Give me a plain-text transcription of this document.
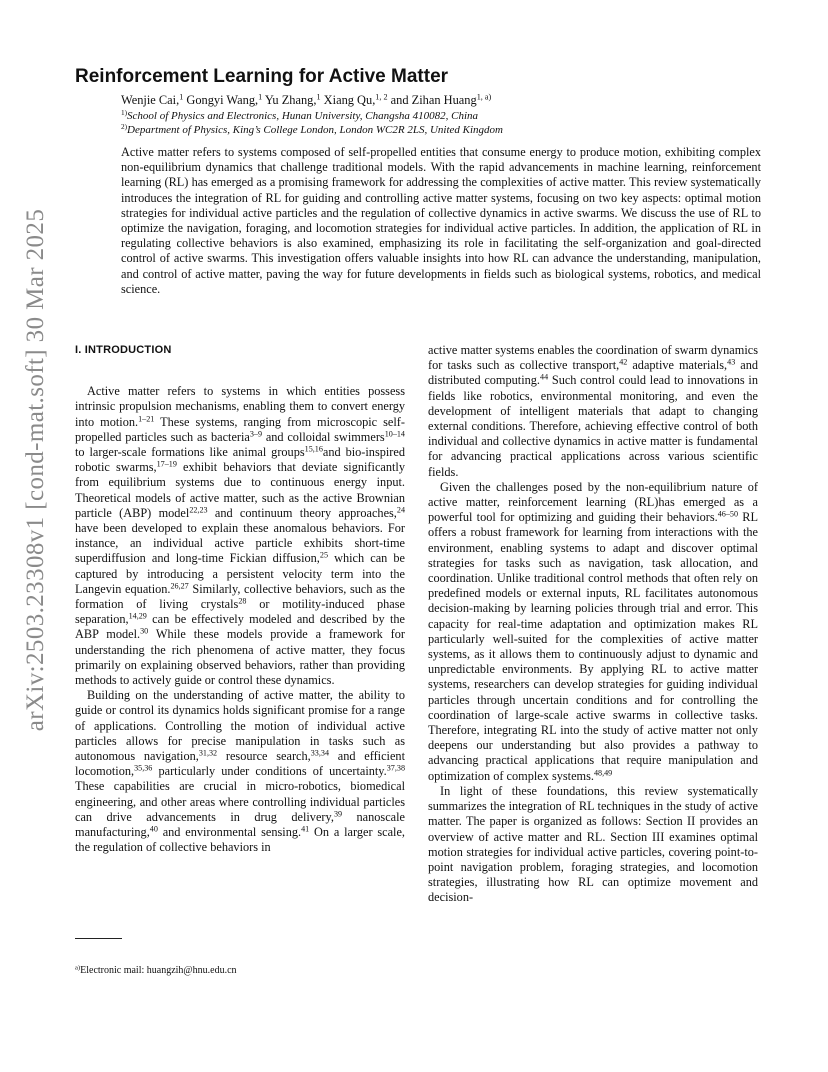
arXiv:2503.23308v1 [cond-mat.soft] 30 Mar 2025
Reinforcement Learning for Active Matter
Wenjie Cai,$^1$ Gongyi Wang,$^1$ Yu Zhang,$^1$ Xiang Qu,$^{1, 2}$ and Zihan Huang$^{1, a)}$
$^{1)}$School of Physics and Electronics, Hunan University, Changsha 410082, China
$^{2)}$Department of Physics, King’s College London, London WC2R 2LS, United Kingdom
Active matter refers to systems composed of self-propelled entities that consume energy to produce motion, exhibiting complex non-equilibrium dynamics that challenge traditional models. With the rapid advancements in machine learning, reinforcement learning (RL) has emerged as a promising framework for addressing the complexities of active matter. This review systematically introduces the integration of RL for guiding and controlling active matter systems, focusing on two key aspects: optimal motion strategies for individual active particles and the regulation of collective dynamics in active swarms. We discuss the use of RL to optimize the navigation, foraging, and locomotion strategies for individual active particles. In addition, the application of RL in regulating collective behaviors is also examined, emphasizing its role in facilitating the self-organization and goal-directed control of active swarms. This investigation offers valuable insights into how RL can advance the understanding, manipulation, and control of active matter, paving the way for future developments in fields such as biological systems, robotics, and medical science.
I. INTRODUCTION

Active matter refers to systems in which entities possess intrinsic propulsion mechanisms, enabling them to convert energy into motion.$^{1-21}$ These systems, ranging from microscopic self-propelled particles such as bacteria$^{3-9}$ and colloidal swimmers$^{10-14}$ to larger-scale formations like animal groups$^{15,16}$and bio-inspired robotic swarms,$^{17-19}$ exhibit behaviors that deviate significantly from equilibrium systems due to continuous energy input. Theoretical models of active matter, such as the active Brownian particle (ABP) model$^{22,23}$ and continuum theory approaches,$^{24}$ have been developed to explain these anomalous behaviors. For instance, an individual active particle exhibits short-time superdiffusion and long-time Fickian diffusion,$^{25}$ which can be captured by introducing a persistent velocity term into the Langevin equation.$^{26,27}$ Similarly, collective behaviors, such as the formation of living crystals$^{28}$ or motility-induced phase separation,$^{14,29}$ can be effectively modeled and described by the ABP model.$^{30}$ While these models provide a framework for understanding the rich phenomena of active matter, they focus primarily on explaining observed behaviors, rather than providing methods to actively guide or control these dynamics.

Building on the understanding of active matter, the ability to guide or control its dynamics holds significant promise for a range of applications. Controlling the motion of individual active particles allows for precise manipulation in tasks such as autonomous navigation,$^{31,32}$ resource search,$^{33,34}$ and efficient locomotion,$^{35,36}$ particularly under conditions of uncertainty.$^{37,38}$ These capabilities are crucial in micro-robotics, biomedical engineering, and other areas where controlling individual particles can drive advancements in drug delivery,$^{39}$ nanoscale manufacturing,$^{40}$ and environmental sensing.$^{41}$ On a larger scale, the regulation of collective behaviors in

active matter systems enables the coordination of swarm dynamics for tasks such as collective transport,$^{42}$ adaptive materials,$^{43}$ and distributed computing.$^{44}$ Such control could lead to innovations in fields like robotics, environmental monitoring, and even the development of intelligent materials that adapt to changing external conditions. Therefore, achieving effective control of both individual and collective dynamics in active matter is fundamental for advancing practical applications across various scientific fields.

Given the challenges posed by the non-equilibrium nature of active matter, reinforcement learning (RL)has emerged as a powerful tool for optimizing and guiding their behaviors.$^{46-50}$ RL offers a robust framework for learning from interactions with the environment, enabling systems to adapt and discover optimal strategies for tasks such as navigation, task allocation, and coordination. Unlike traditional control methods that often rely on predefined models or external inputs, RL facilitates autonomous decision-making by learning policies through trial and error. This capacity for real-time adaptation and optimization makes RL particularly well-suited for the complexities of active matter systems, as it allows them to continuously adjust to dynamic and unpredictable environments. By applying RL to active matter systems, researchers can develop strategies for guiding individual particles through uncertain conditions and for controlling the coordination of large-scale active swarms in collective tasks. Therefore, integrating RL into the study of active matter not only deepens our understanding but also provides a pathway to advancing practical applications that require manipulation and optimization of complex systems.$^{48,49}$

In light of these foundations, this review systematically summarizes the integration of RL techniques in the study of active matter. The paper is organized as follows: Section II provides an overview of active matter and RL. Section III examines optimal motion strategies for individual active particles, covering point-to-point navigation problem, foraging strategies, and locomotion strategies, illustrating how RL can optimize movement and decision-

$^{a)}$Electronic mail: huangzih@hnu.edu.cn
